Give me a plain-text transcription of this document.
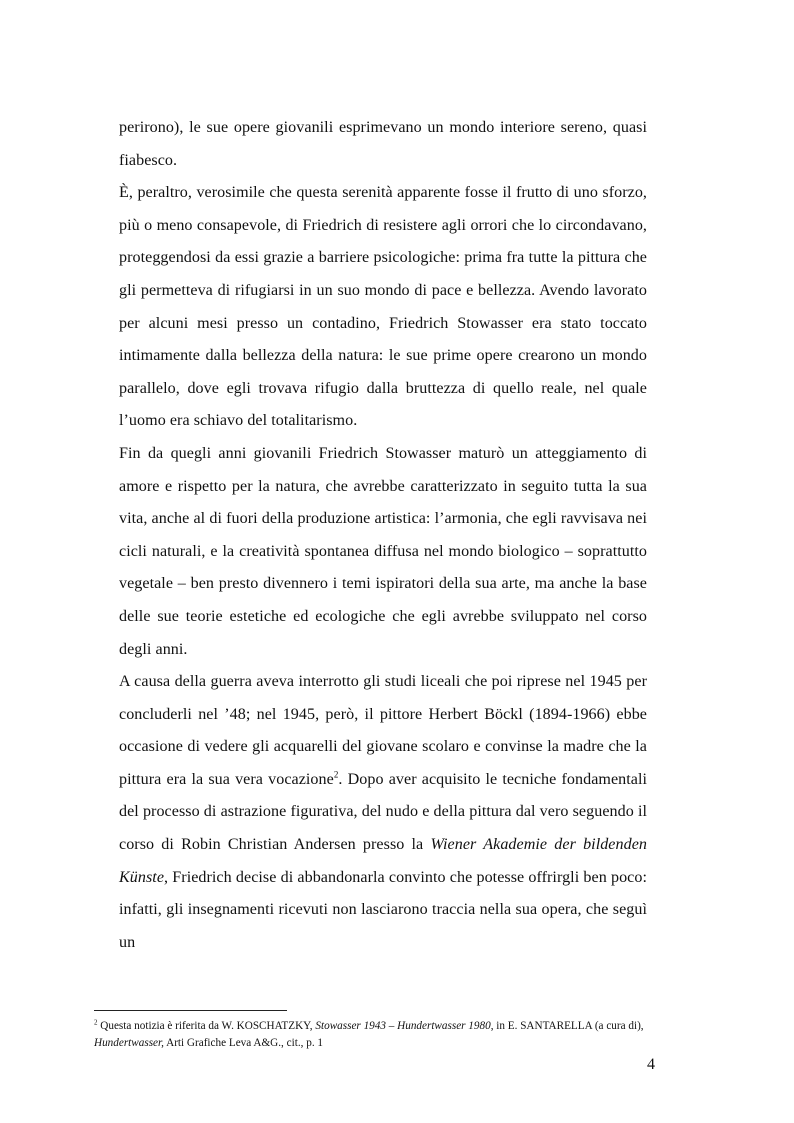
perirono), le sue opere giovanili esprimevano un mondo interiore sereno, quasi fiabesco.

È, peraltro, verosimile che questa serenità apparente fosse il frutto di uno sforzo, più o meno consapevole, di Friedrich di resistere agli orrori che lo circondavano, proteggendosi da essi grazie a barriere psicologiche: prima fra tutte la pittura che gli permetteva di rifugiarsi in un suo mondo di pace e bellezza. Avendo lavorato per alcuni mesi presso un contadino, Friedrich Stowasser era stato toccato intimamente dalla bellezza della natura: le sue prime opere crearono un mondo parallelo, dove egli trovava rifugio dalla bruttezza di quello reale, nel quale l’uomo era schiavo del totalitarismo.

Fin da quegli anni giovanili Friedrich Stowasser maturò un atteggiamento di amore e rispetto per la natura, che avrebbe caratterizzato in seguito tutta la sua vita, anche al di fuori della produzione artistica: l’armonia, che egli ravvisava nei cicli naturali, e la creatività spontanea diffusa nel mondo biologico – soprattutto vegetale – ben presto divennero i temi ispiratori della sua arte, ma anche la base delle sue teorie estetiche ed ecologiche che egli avrebbe sviluppato nel corso degli anni.

A causa della guerra aveva interrotto gli studi liceali che poi riprese nel 1945 per concluderli nel ’48; nel 1945, però, il pittore Herbert Böckl (1894-1966) ebbe occasione di vedere gli acquarelli del giovane scolaro e convinse la madre che la pittura era la sua vera vocazione$^2$. Dopo aver acquisito le tecniche fondamentali del processo di astrazione figurativa, del nudo e della pittura dal vero seguendo il corso di Robin Christian Andersen presso la Wiener Akademie der bildenden Künste, Friedrich decise di abbandonarla convinto che potesse offrirgli ben poco: infatti, gli insegnamenti ricevuti non lasciarono traccia nella sua opera, che seguì un

$^2$ Questa notizia è riferita da W. KOSCHATZKY, Stowasser 1943 – Hundertwasser 1980, in E. SANTARELLA (a cura di), Hundertwasser, Arti Grafiche Leva A&G., cit., p. 1
4
